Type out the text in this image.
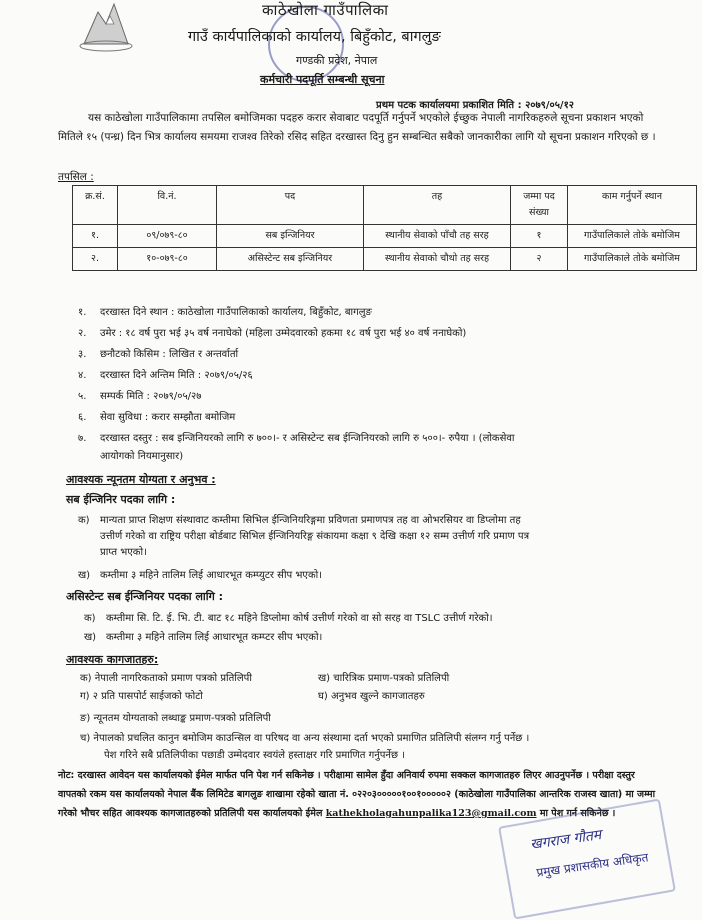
काठेखोला गाउँपालिका
गाउँ कार्यपालिकाको कार्यालय, बिहुँकोट, बागलुङ
गण्डकी प्रदेश, नेपाल
कर्मचारी पदपूर्ति सम्बन्धी सूचना
प्रथम पटक कार्यालयमा प्रकाशित मिति : २०७९/०५/१२
यस काठेखोला गाउँपालिकामा तपसिल बमोजिमका पदहरु करार सेवाबाट पदपूर्ति गर्नुपर्ने भएकोले ईच्छुक नेपाली नागरिकहरुले सूचना प्रकाशन भएको मितिले १५ (पन्ध्र) दिन भित्र कार्यालय समयमा राजश्व तिरेको रसिद सहित दरखास्त दिनु हुन सम्बन्धित सबैको जानकारीका लागि यो सूचना प्रकाशन गरिएको छ ।
तपसिल :
क्र.सं.	वि.नं.	पद	तह	जम्मा पद संख्या	काम गर्नुपर्ने स्थान
१.	०९/०७९-८०	सब इन्जिनियर	स्थानीय सेवाको पाँचौ तह सरह	१	गाउँपालिकाले तोके बमोजिम
२.	१०-०७९-८०	असिस्टेन्ट सब इन्जिनियर	स्थानीय सेवाको चौथो तह सरह	२	गाउँपालिकाले तोके बमोजिम
१.	दरखास्त दिने स्थान : काठेखोला गाउँपालिकाको कार्यालय, बिहुँकोट, बागलुङ
२.	उमेर : १८ वर्ष पुरा भई ३५ वर्ष ननाघेको (महिला उम्मेदवारको हकमा १८ वर्ष पुरा भई ४० वर्ष ननाघेको)
३.	छनौटको किसिम : लिखित र अन्तर्वार्ता
४.	दरखास्त दिने अन्तिम मिति : २०७९/०५/२६
५.	सम्पर्क मिति : २०७९/०५/२७
६.	सेवा सुविधा : करार सम्झौता बमोजिम
७.	दरखास्त दस्तुर : सब इन्जिनियरको लागि रु ७००।- र असिस्टेन्ट सब ईन्जिनियरको लागि रु ५००।- रुपैया । (लोकसेवा
आयोगको नियमानुसार)
आवश्यक न्यूनतम योग्यता र अनुभव :
सब ईन्जिनिर पदका लागि :
क) मान्यता प्राप्त शिक्षण संस्थावाट कम्तीमा सिभिल ईन्जिनियरिङ्गमा प्रविणता प्रमाणपत्र तह वा ओभरसियर वा डिप्लोमा तह
उत्तीर्ण गरेको वा राष्ट्रिय परीक्षा बोर्डबाट सिभिल ईन्जिनियरिङ्ग संकायमा कक्षा ९ देखि कक्षा १२ सम्म उत्तीर्ण गरि प्रमाण पत्र
प्राप्त भएको।
ख) कम्तीमा ३ महिने तालिम लिई आधारभूत कम्प्युटर सीप भएको।
असिस्टेन्ट सब ईन्जिनियर पदका लागि :
क) कम्तीमा सि. टि. ई. भि. टी. बाट १८ महिने डिप्लोमा कोर्ष उत्तीर्ण गरेको वा सो सरह वा TSLC उत्तीर्ण गरेको।
ख) कम्तीमा ३ महिने तालिम लिई आधारभूत कम्प्टर सीप भएको।
आवश्यक कागजातहरु:
क) नेपाली नागरिकताको प्रमाण पत्रको प्रतिलिपी	ख) चारित्रिक प्रमाण-पत्रको प्रतिलिपी
ग) २ प्रति पासपोर्ट साईजको फोटो	घ) अनुभव खुल्ने कागजातहरु
ङ) न्यूनतम योग्यताको लब्धाङ्क प्रमाण-पत्रको प्रतिलिपी
च) नेपालको प्रचलित कानुन बमोजिम काउन्सिल वा परिषद वा अन्य संस्थामा दर्ता भएको प्रमाणित प्रतिलिपी संलग्न गर्नु पर्नेछ ।
पेश गरिने सबै प्रतिलिपीका पछाडी उम्मेदवार स्वयंले हस्ताक्षर गरि प्रमाणित गर्नुपर्नेछ ।
नोट: दरखास्त आवेदन यस कार्यालयको ईमेल मार्फत पनि पेश गर्न सकिनेछ । परीक्षामा सामेल हुँदा अनिवार्य रुपमा सक्कल कागजातहरु लिएर आउनुपर्नेछ । परीक्षा दस्तुर वापतको रकम यस कार्यालयको नेपाल बैंक लिमिटेड बागलुङ शाखामा रहेको खाता नं. ०२२०३०००००१००१०००००२ (काठेखोला गाउँपालिका आन्तरिक राजस्व खाता) मा जम्मा गरेको भौचर सहित आवश्यक कागजातहरुको प्रतिलिपी यस कार्यालयको ईमेल kathekholagahunpalika123@gmail.com मा पेश गर्न सकिनेछ ।
खगराज गौतम
प्रमुख प्रशासकीय अधिकृत
